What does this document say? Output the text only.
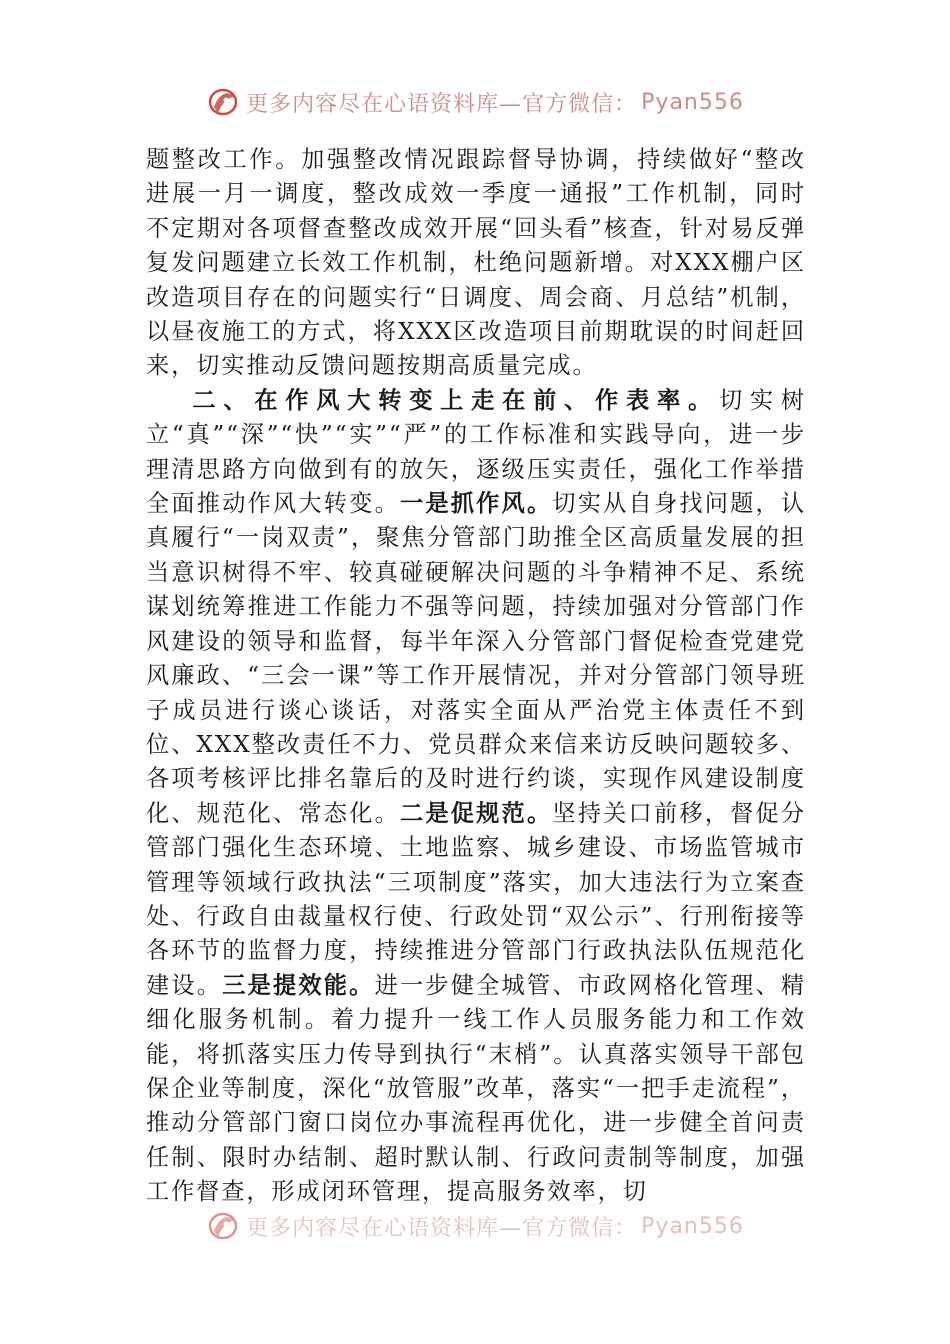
更多内容尽在心语资料库—官方微信： Pyan556

题整改工作。加强整改情况跟踪督导协调，持续做好“整改进展一月一调度，整改成效一季度一通报”工作机制，同时不定期对各项督查整改成效开展“回头看”核查，针对易反弹复发问题建立长效工作机制，杜绝问题新增。对XXX棚户区改造项目存在的问题实行“日调度、周会商、月总结”机制，以昼夜施工的方式，将XXX区改造项目前期耽误的时间赶回来，切实推动反馈问题按期高质量完成。

二、在作风大转变上走在前、作表率。切实树立“真”“深”“快”“实”“严”的工作标准和实践导向，进一步理清思路方向做到有的放矢，逐级压实责任，强化工作举措全面推动作风大转变。一是抓作风。切实从自身找问题，认真履行“一岗双责”，聚焦分管部门助推全区高质量发展的担当意识树得不牢、较真碰硬解决问题的斗争精神不足、系统谋划统筹推进工作能力不强等问题，持续加强对分管部门作风建设的领导和监督，每半年深入分管部门督促检查党建党风廉政、“三会一课”等工作开展情况，并对分管部门领导班子成员进行谈心谈话，对落实全面从严治党主体责任不到位、XXX整改责任不力、党员群众来信来访反映问题较多、各项考核评比排名靠后的及时进行约谈，实现作风建设制度化、规范化、常态化。二是促规范。坚持关口前移，督促分管部门强化生态环境、土地监察、城乡建设、市场监管城市管理等领域行政执法“三项制度”落实，加大违法行为立案查处、行政自由裁量权行使、行政处罚“双公示”、行刑衔接等各环节的监督力度，持续推进分管部门行政执法队伍规范化建设。三是提效能。进一步健全城管、市政网格化管理、精细化服务机制。着力提升一线工作人员服务能力和工作效能，将抓落实压力传导到执行“末梢”。认真落实领导干部包保企业等制度，深化“放管服”改革，落实“一把手走流程”，推动分管部门窗口岗位办事流程再优化，进一步健全首问责任制、限时办结制、超时默认制、行政问责制等制度，加强工作督查，形成闭环管理，提高服务效率，切

更多内容尽在心语资料库—官方微信： Pyan556
